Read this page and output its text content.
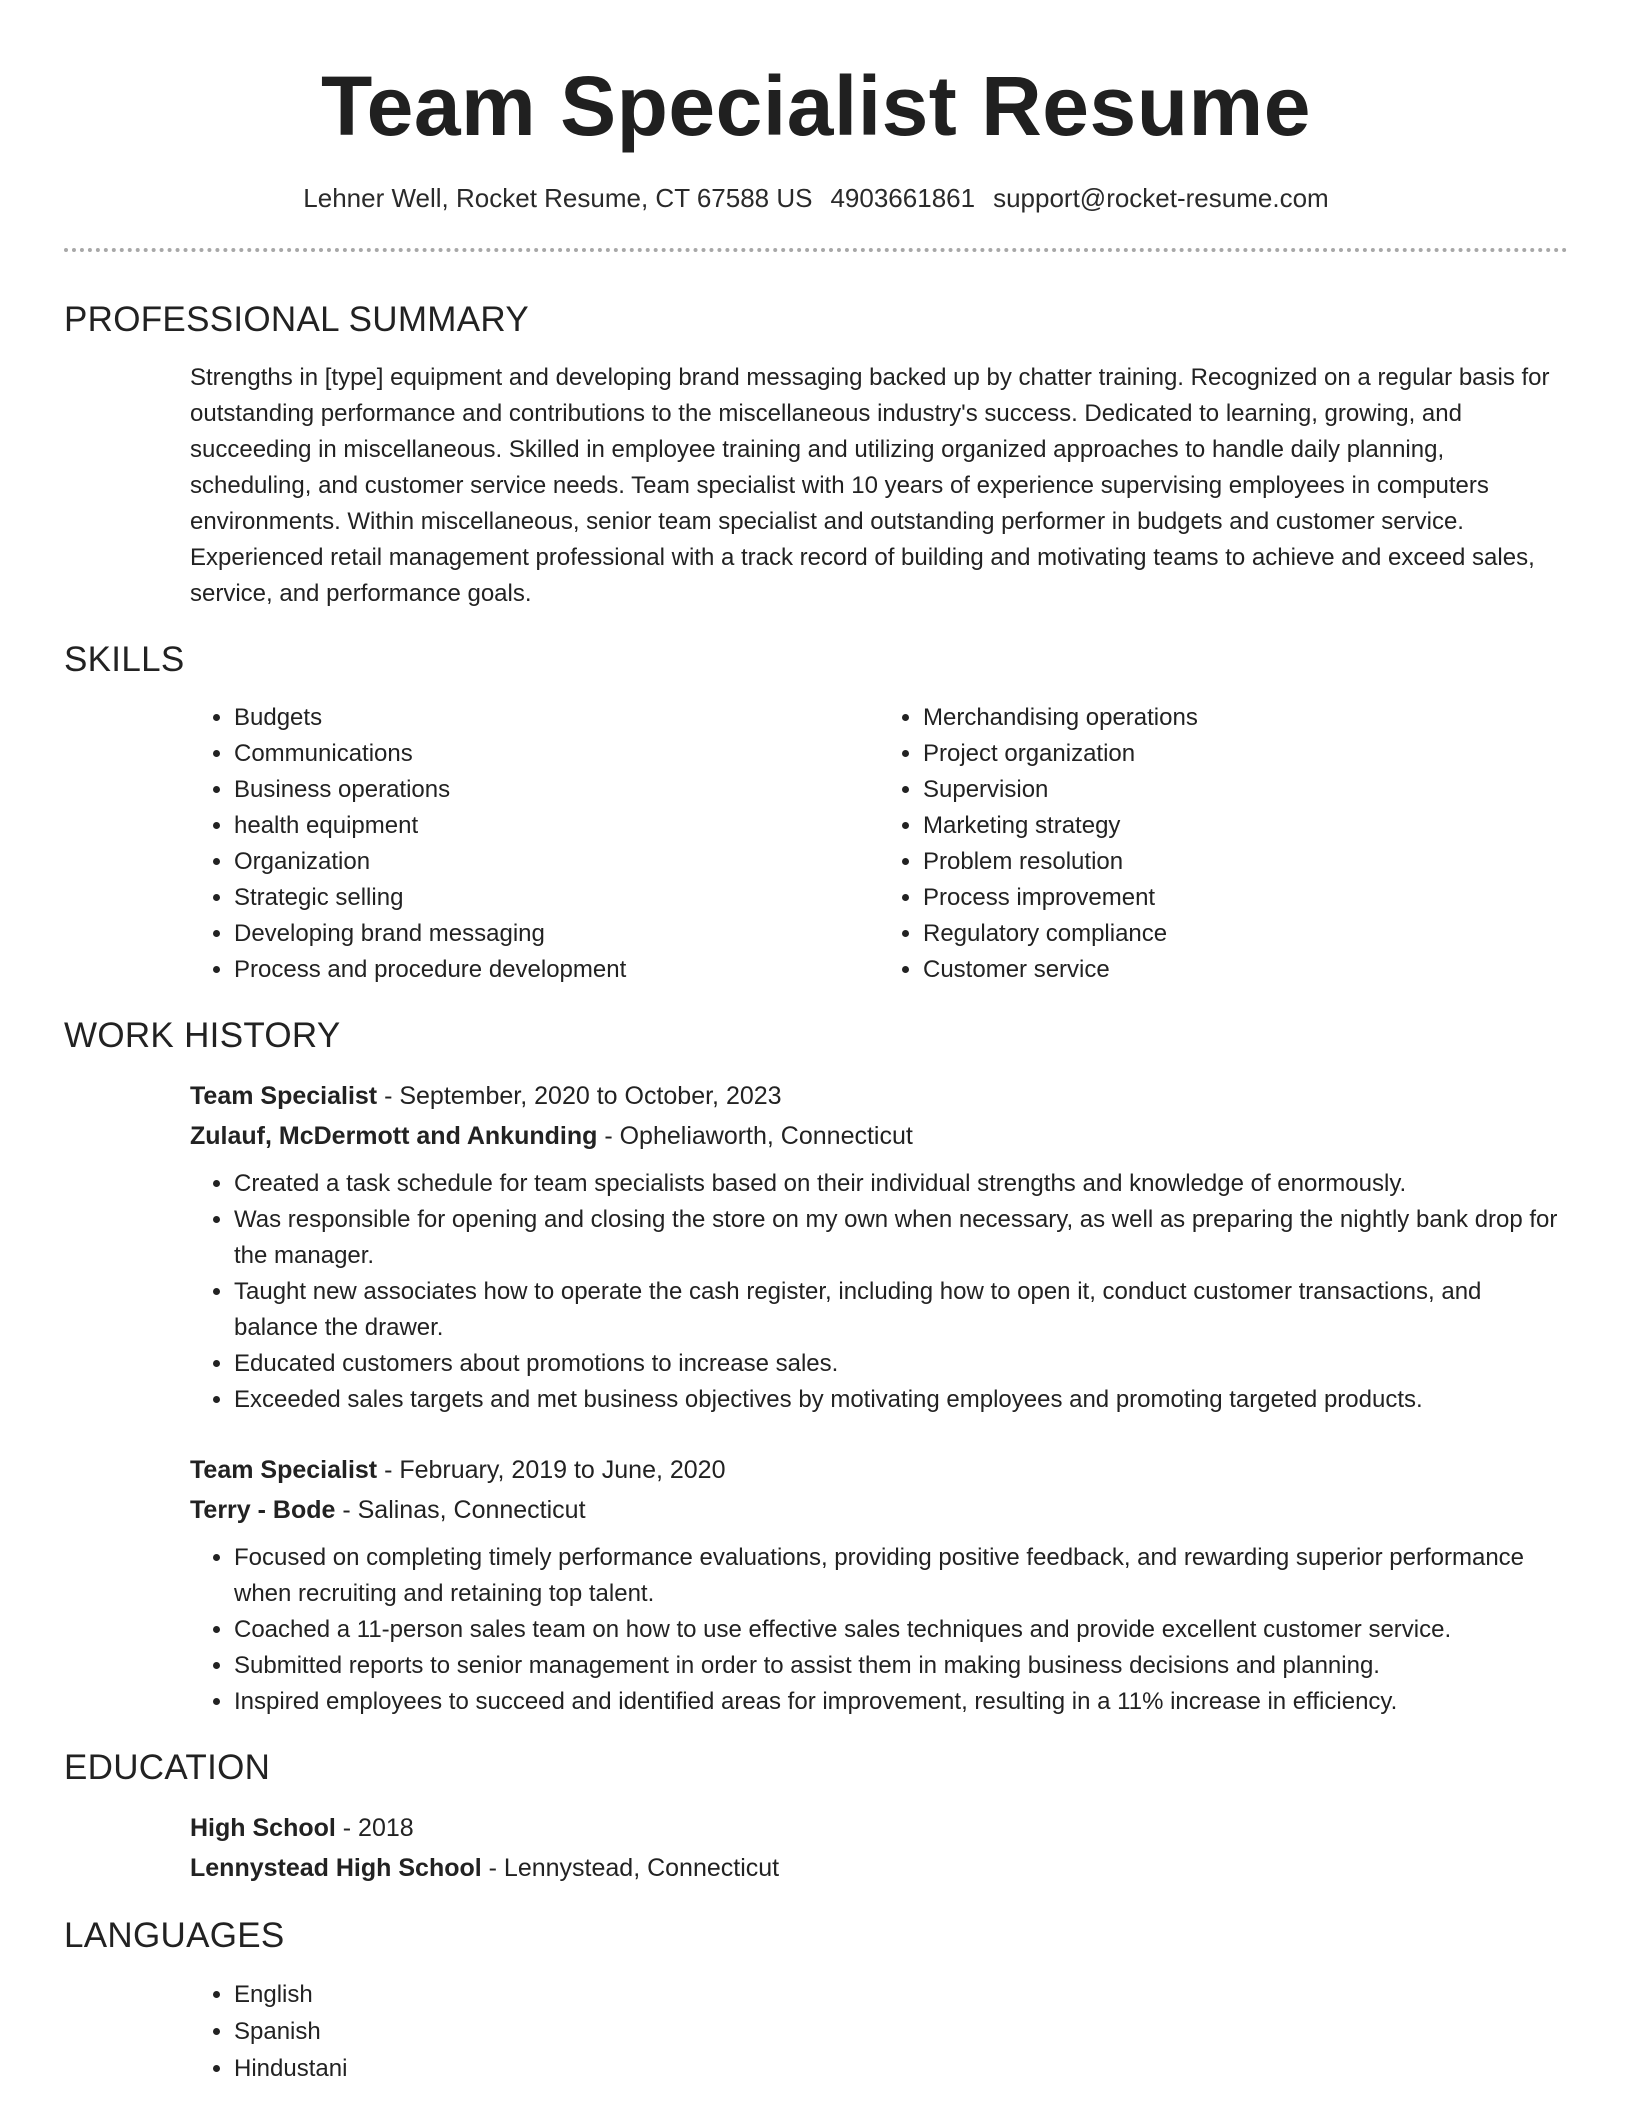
Team Specialist Resume
Lehner Well, Rocket Resume, CT 67588 US 4903661861 support@rocket-resume.com
PROFESSIONAL SUMMARY
Strengths in [type] equipment and developing brand messaging backed up by chatter training. Recognized on a regular basis for outstanding performance and contributions to the miscellaneous industry's success. Dedicated to learning, growing, and succeeding in miscellaneous. Skilled in employee training and utilizing organized approaches to handle daily planning, scheduling, and customer service needs. Team specialist with 10 years of experience supervising employees in computers environments. Within miscellaneous, senior team specialist and outstanding performer in budgets and customer service. Experienced retail management professional with a track record of building and motivating teams to achieve and exceed sales, service, and performance goals.
SKILLS
• Budgets
• Communications
• Business operations
• health equipment
• Organization
• Strategic selling
• Developing brand messaging
• Process and procedure development
• Merchandising operations
• Project organization
• Supervision
• Marketing strategy
• Problem resolution
• Process improvement
• Regulatory compliance
• Customer service
WORK HISTORY
Team Specialist - September, 2020 to October, 2023
Zulauf, McDermott and Ankunding - Opheliaworth, Connecticut
• Created a task schedule for team specialists based on their individual strengths and knowledge of enormously.
• Was responsible for opening and closing the store on my own when necessary, as well as preparing the nightly bank drop for the manager.
• Taught new associates how to operate the cash register, including how to open it, conduct customer transactions, and balance the drawer.
• Educated customers about promotions to increase sales.
• Exceeded sales targets and met business objectives by motivating employees and promoting targeted products.
Team Specialist - February, 2019 to June, 2020
Terry - Bode - Salinas, Connecticut
• Focused on completing timely performance evaluations, providing positive feedback, and rewarding superior performance when recruiting and retaining top talent.
• Coached a 11-person sales team on how to use effective sales techniques and provide excellent customer service.
• Submitted reports to senior management in order to assist them in making business decisions and planning.
• Inspired employees to succeed and identified areas for improvement, resulting in a 11% increase in efficiency.
EDUCATION
High School - 2018
Lennystead High School - Lennystead, Connecticut
LANGUAGES
• English
• Spanish
• Hindustani
